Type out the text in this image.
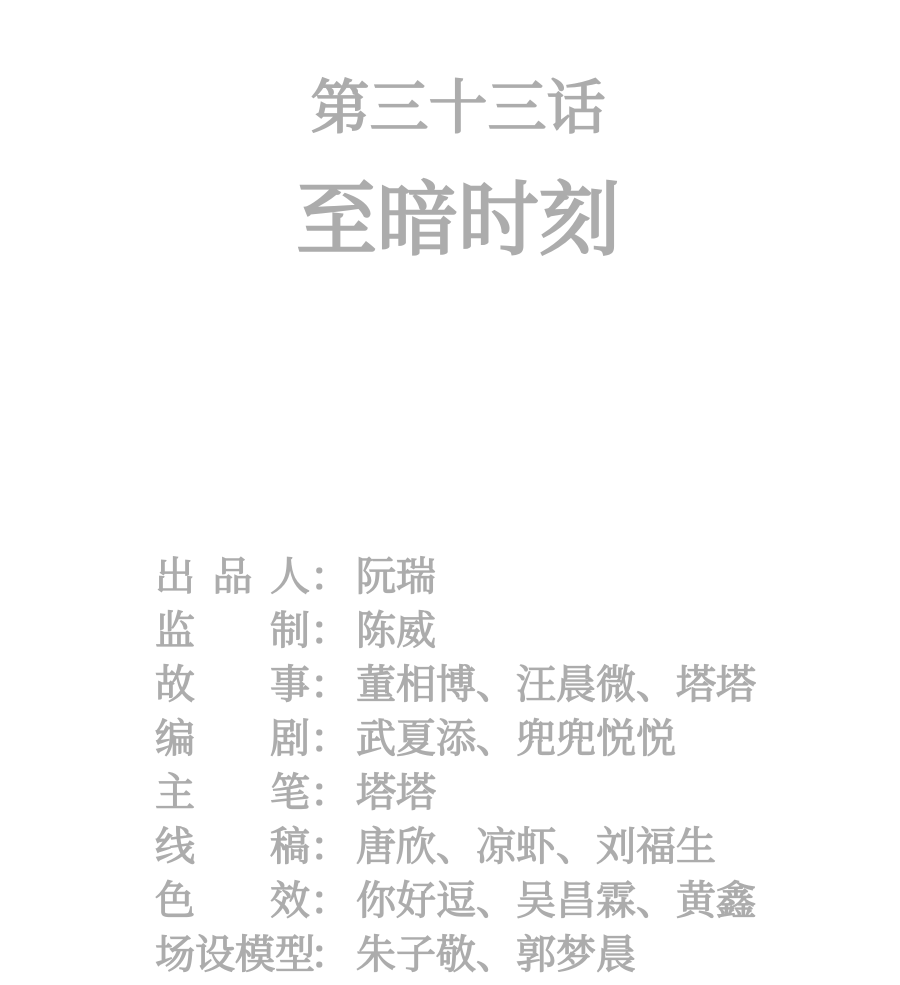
第三十三话
至暗时刻
出 品 人 ： 阮瑞
监 制 ： 陈威
故 事 ： 董相博、汪晨微、塔塔
编 剧 ： 武夏添、兜兜悦悦
主 笔 ： 塔塔
线 稿 ： 唐欣、凉虾、刘福生
色 效 ： 你好逗、吴昌霖、黄鑫
场 设 模 型
： 朱子敬、郭梦晨
